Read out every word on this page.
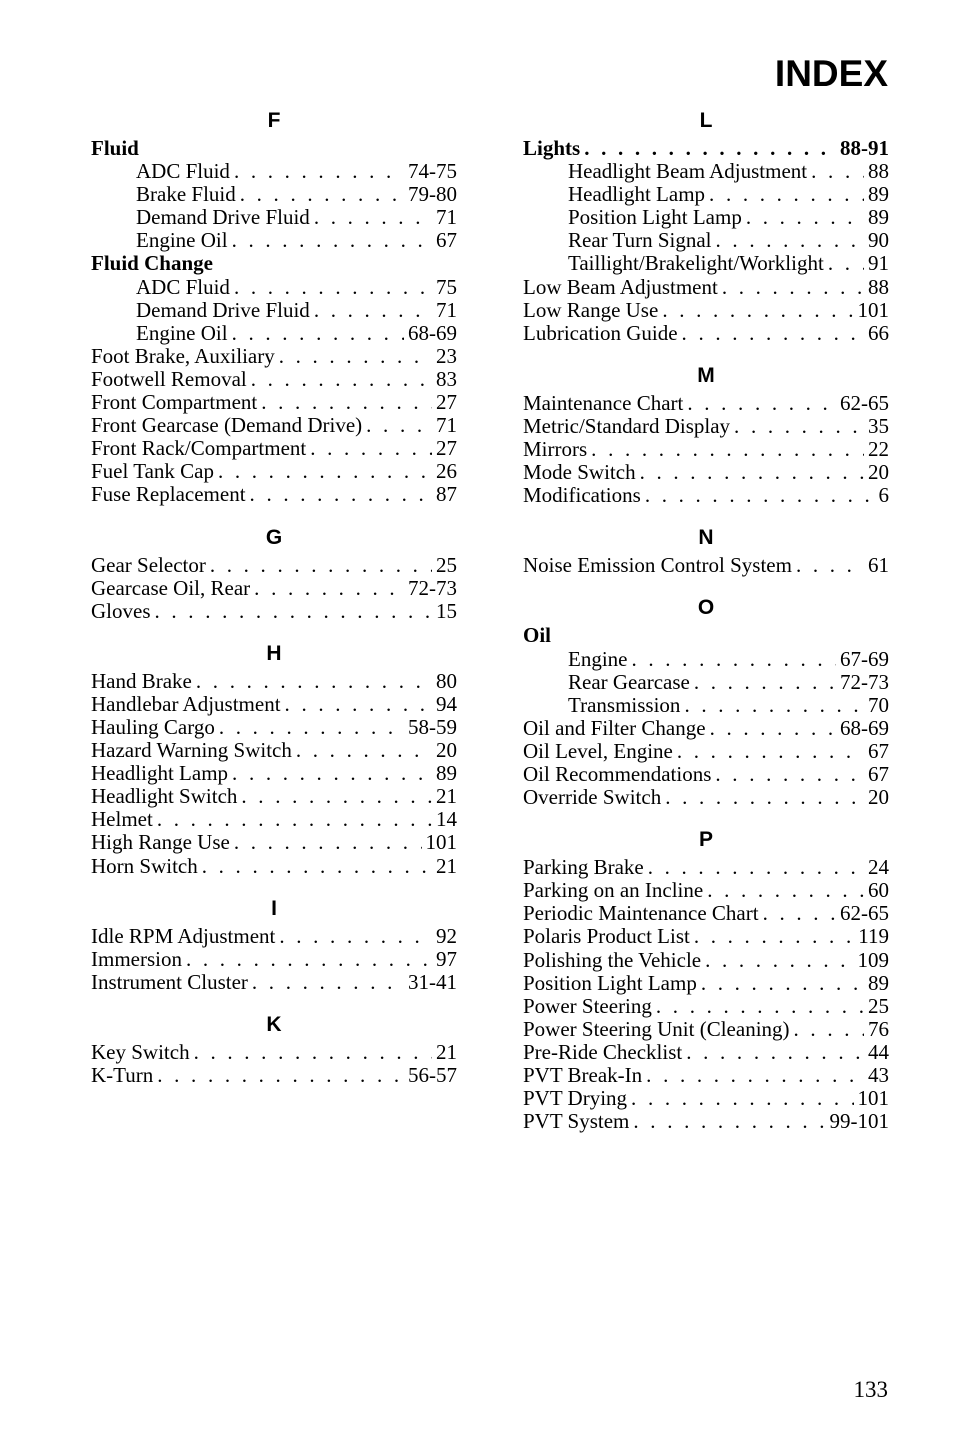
INDEX
F
Fluid
ADC Fluid . . .	74-75
Brake Fluid . . .	79-80
Demand Drive Fluid . . .	71
Engine Oil . . .	67
Fluid Change
ADC Fluid . . .	75
Demand Drive Fluid . . .	71
Engine Oil . . .	68-69
Foot Brake, Auxiliary . . .	23
Footwell Removal . . .	83
Front Compartment . . .	27
Front Gearcase (Demand Drive) . . .	71
Front Rack/Compartment . . .	27
Fuel Tank Cap . . .	26
Fuse Replacement . . .	87
G
Gear Selector . . .	25
Gearcase Oil, Rear . . .	72-73
Gloves . . .	15
H
Hand Brake . . .	80
Handlebar Adjustment . . .	94
Hauling Cargo . . .	58-59
Hazard Warning Switch . . .	20
Headlight Lamp . . .	89
Headlight Switch . . .	21
Helmet . . .	14
High Range Use . . .	101
Horn Switch . . .	21
I
Idle RPM Adjustment . . .	92
Immersion . . .	97
Instrument Cluster . . .	31-41
K
Key Switch . . .	21
K-Turn . . .	56-57
L
Lights . . .	88-91
Headlight Beam Adjustment . . .	88
Headlight Lamp . . .	89
Position Light Lamp . . .	89
Rear Turn Signal . . .	90
Taillight/Brakelight/Worklight . . . 91
Low Beam Adjustment . . .	88
Low Range Use . . .	101
Lubrication Guide . . .	66
M
Maintenance Chart . . .	62-65
Metric/Standard Display . . .	35
Mirrors . . .	22
Mode Switch . . .	20
Modifications . . .	6
N
Noise Emission Control System . . .	61
O
Oil
Engine . . .	67-69
Rear Gearcase . . .	72-73
Transmission . . .	70
Oil and Filter Change . . .	68-69
Oil Level, Engine . . .	67
Oil Recommendations . . .	67
Override Switch . . .	20
P
Parking Brake . . .	24
Parking on an Incline . . .	60
Periodic Maintenance Chart . . .	62-65
Polaris Product List . . .	119
Polishing the Vehicle . . .	109
Position Light Lamp . . .	89
Power Steering . . .	25
Power Steering Unit (Cleaning) . . .	76
Pre-Ride Checklist . . .	44
PVT Break-In . . .	43
PVT Drying . . .	101
PVT System . . .	99-101
133
